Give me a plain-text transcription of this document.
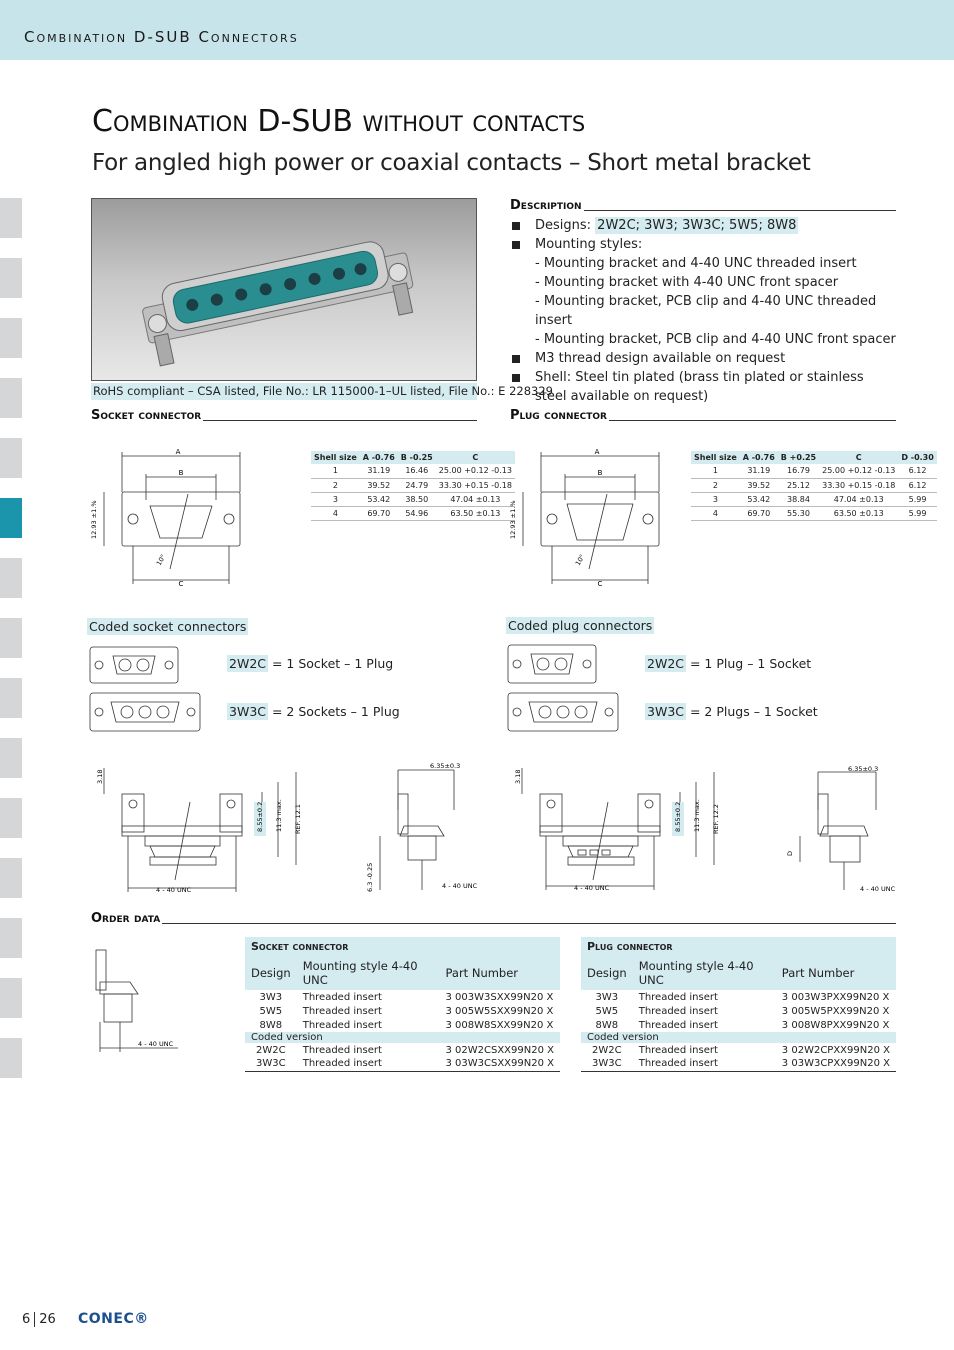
Combination D-SUB Connectors
Combination D-SUB without contacts
For angled high power or coaxial contacts – Short metal bracket
RoHS compliant – CSA listed, File No.: LR 115000-1–UL listed, File No.: E 228329
Description
Designs: 2W2C; 3W3; 3W3C; 5W5; 8W8
Mounting styles:
- Mounting bracket and 4-40 UNC threaded insert
- Mounting bracket with 4-40 UNC front spacer
- Mounting bracket, PCB clip and 4-40 UNC threaded insert
- Mounting bracket, PCB clip and 4-40 UNC front spacer
M3 thread design available on request
Shell: Steel tin plated (brass tin plated or stainless steel available on request)
Socket connector	Plug connector
A
B
C
12.93 ±1.%
10°
Shell size	A -0.76	B -0.25	C
1	31.19	16.46	25.00 +0.12 -0.13
2	39.52	24.79	33.30 +0.15 -0.18
3	53.42	38.50	47.04 ±0.13
4	69.70	54.96	63.50 ±0.13
A
B
C
12.93 ±1.%
10°
Shell size	A -0.76	B +0.25	C	D -0.30
1	31.19	16.79	25.00 +0.12 -0.13	6.12
2	39.52	25.12	33.30 +0.15 -0.18	6.12
3	53.42	38.84	47.04 ±0.13	5.99
4	69.70	55.30	63.50 ±0.13	5.99
Coded socket connectors
2W2C = 1 Socket – 1 Plug
3W3C = 2 Sockets – 1 Plug
Coded plug connectors
2W2C = 1 Plug – 1 Socket
3W3C = 2 Plugs – 1 Socket
3.18
8.55±0.2 11.3 max. REF. 12.1
4 - 40 UNC
6.35±0.3
6.3 -0.25	4 - 40 UNC
3.18
8.55±0.2 11.3 max. REF. 12.2
4 - 40 UNC
6.35±0.3
D
4 - 40 UNC
Order data
4 - 40 UNC
Socket connector		
Design	Mounting style 4-40 UNC	Part Number
3W3	Threaded insert	3 003W3SXX99N20 X
5W5	Threaded insert	3 005W5SXX99N20 X
8W8	Threaded insert	3 008W8SXX99N20 X
Coded version		
2W2C	Threaded insert	3 02W2CSXX99N20 X
3W3C	Threaded insert	3 03W3CSXX99N20 X
Plug connector		
Design	Mounting style 4-40 UNC	Part Number
3W3	Threaded insert	3 003W3PXX99N20 X
5W5	Threaded insert	3 005W5PXX99N20 X
8W8	Threaded insert	3 008W8PXX99N20 X
Coded version		
2W2C	Threaded insert	3 02W2CPXX99N20 X
3W3C	Threaded insert	3 03W3CPXX99N20 X
6 26 CONEC®
